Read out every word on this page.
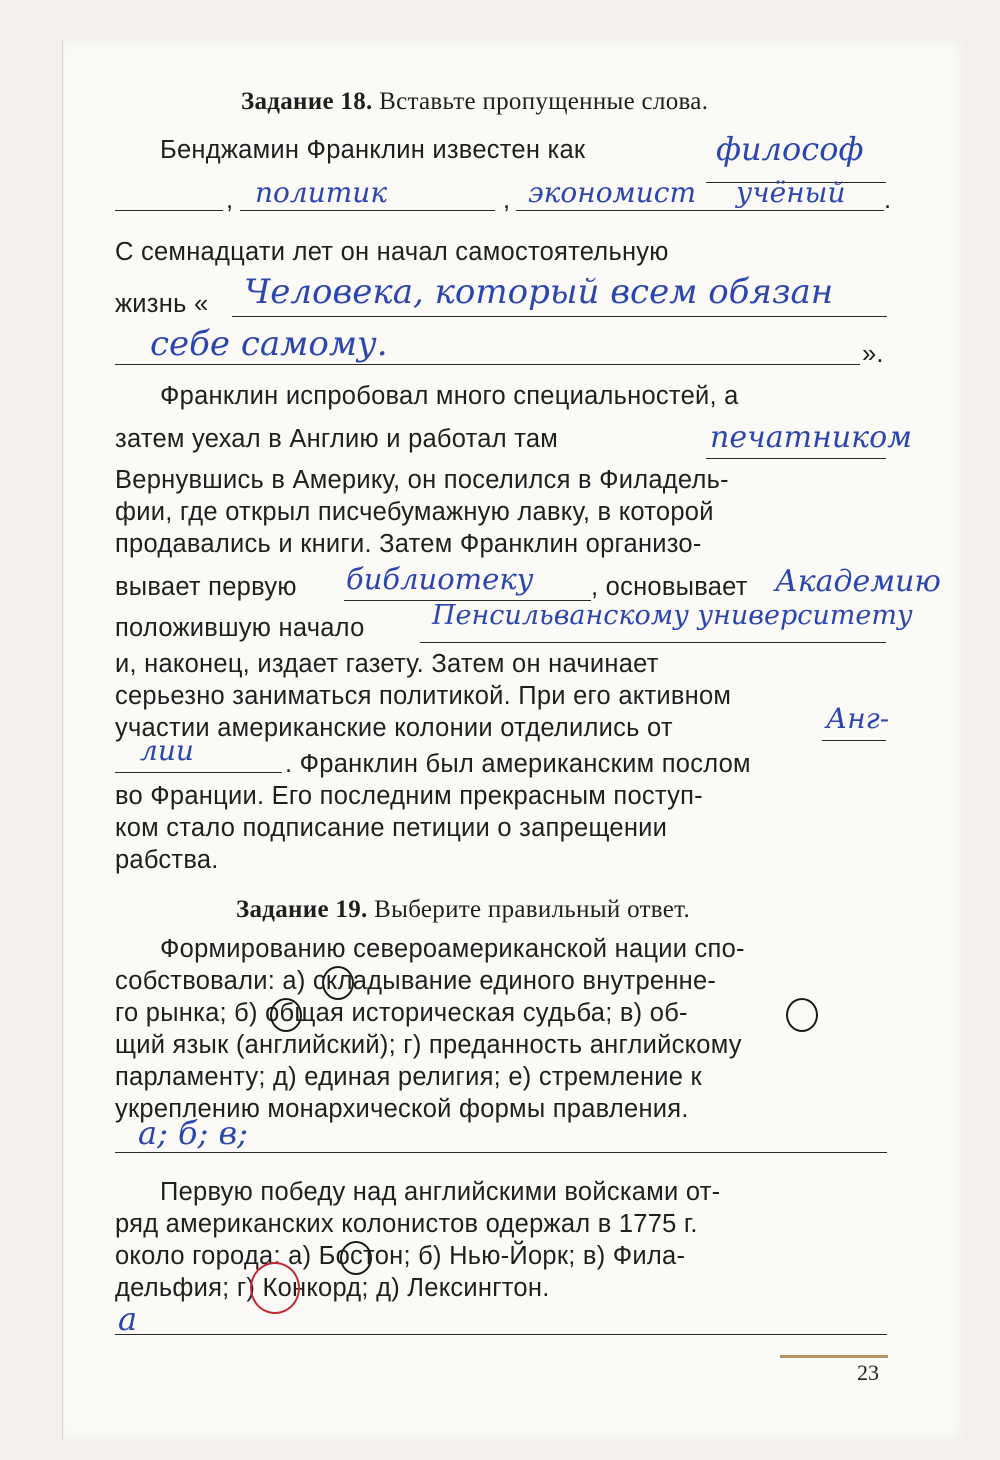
Задание 18. Вставьте пропущенные слова.
Бенджамин Франклин известен как	философ
, политик	, экономист учёный .
С семнадцати лет он начал самостоятельную
жизнь « Человека, который всем обязан
себе самому.	».
Франклин испробовал много специальностей, а
затем уехал в Англию и работал там	печатником
Вернувшись в Америку, он поселился в Филадель-
фии, где открыл писчебумажную лавку, в которой
продавались и книги. Затем Франклин организо-
вывает первую библиотеку , основывает Академию
положившую начало Пенсильванскому университету
и, наконец, издает газету. Затем он начинает
серьезно заниматься политикой. При его активном
участии американские колонии отделились от	Анг-
лии	. Франклин был американским послом
во Франции. Его последним прекрасным поступ-
ком стало подписание петиции о запрещении
рабства.
Задание 19. Выберите правильный ответ.
Формированию североамериканской нации спо-
собствовали: а) складывание единого внутренне-
го рынка; б) общая историческая судьба; в) об-
щий язык (английский); г) преданность английскому
парламенту; д) единая религия; е) стремление к
укреплению монархической формы правления.
а; б; в;
Первую победу над английскими войсками от-
ряд американских колонистов одержал в 1775 г.
около города: а) Бостон; б) Нью-Йорк; в) Фила-
дельфия; г) Конкорд; д) Лексингтон.
а
23
